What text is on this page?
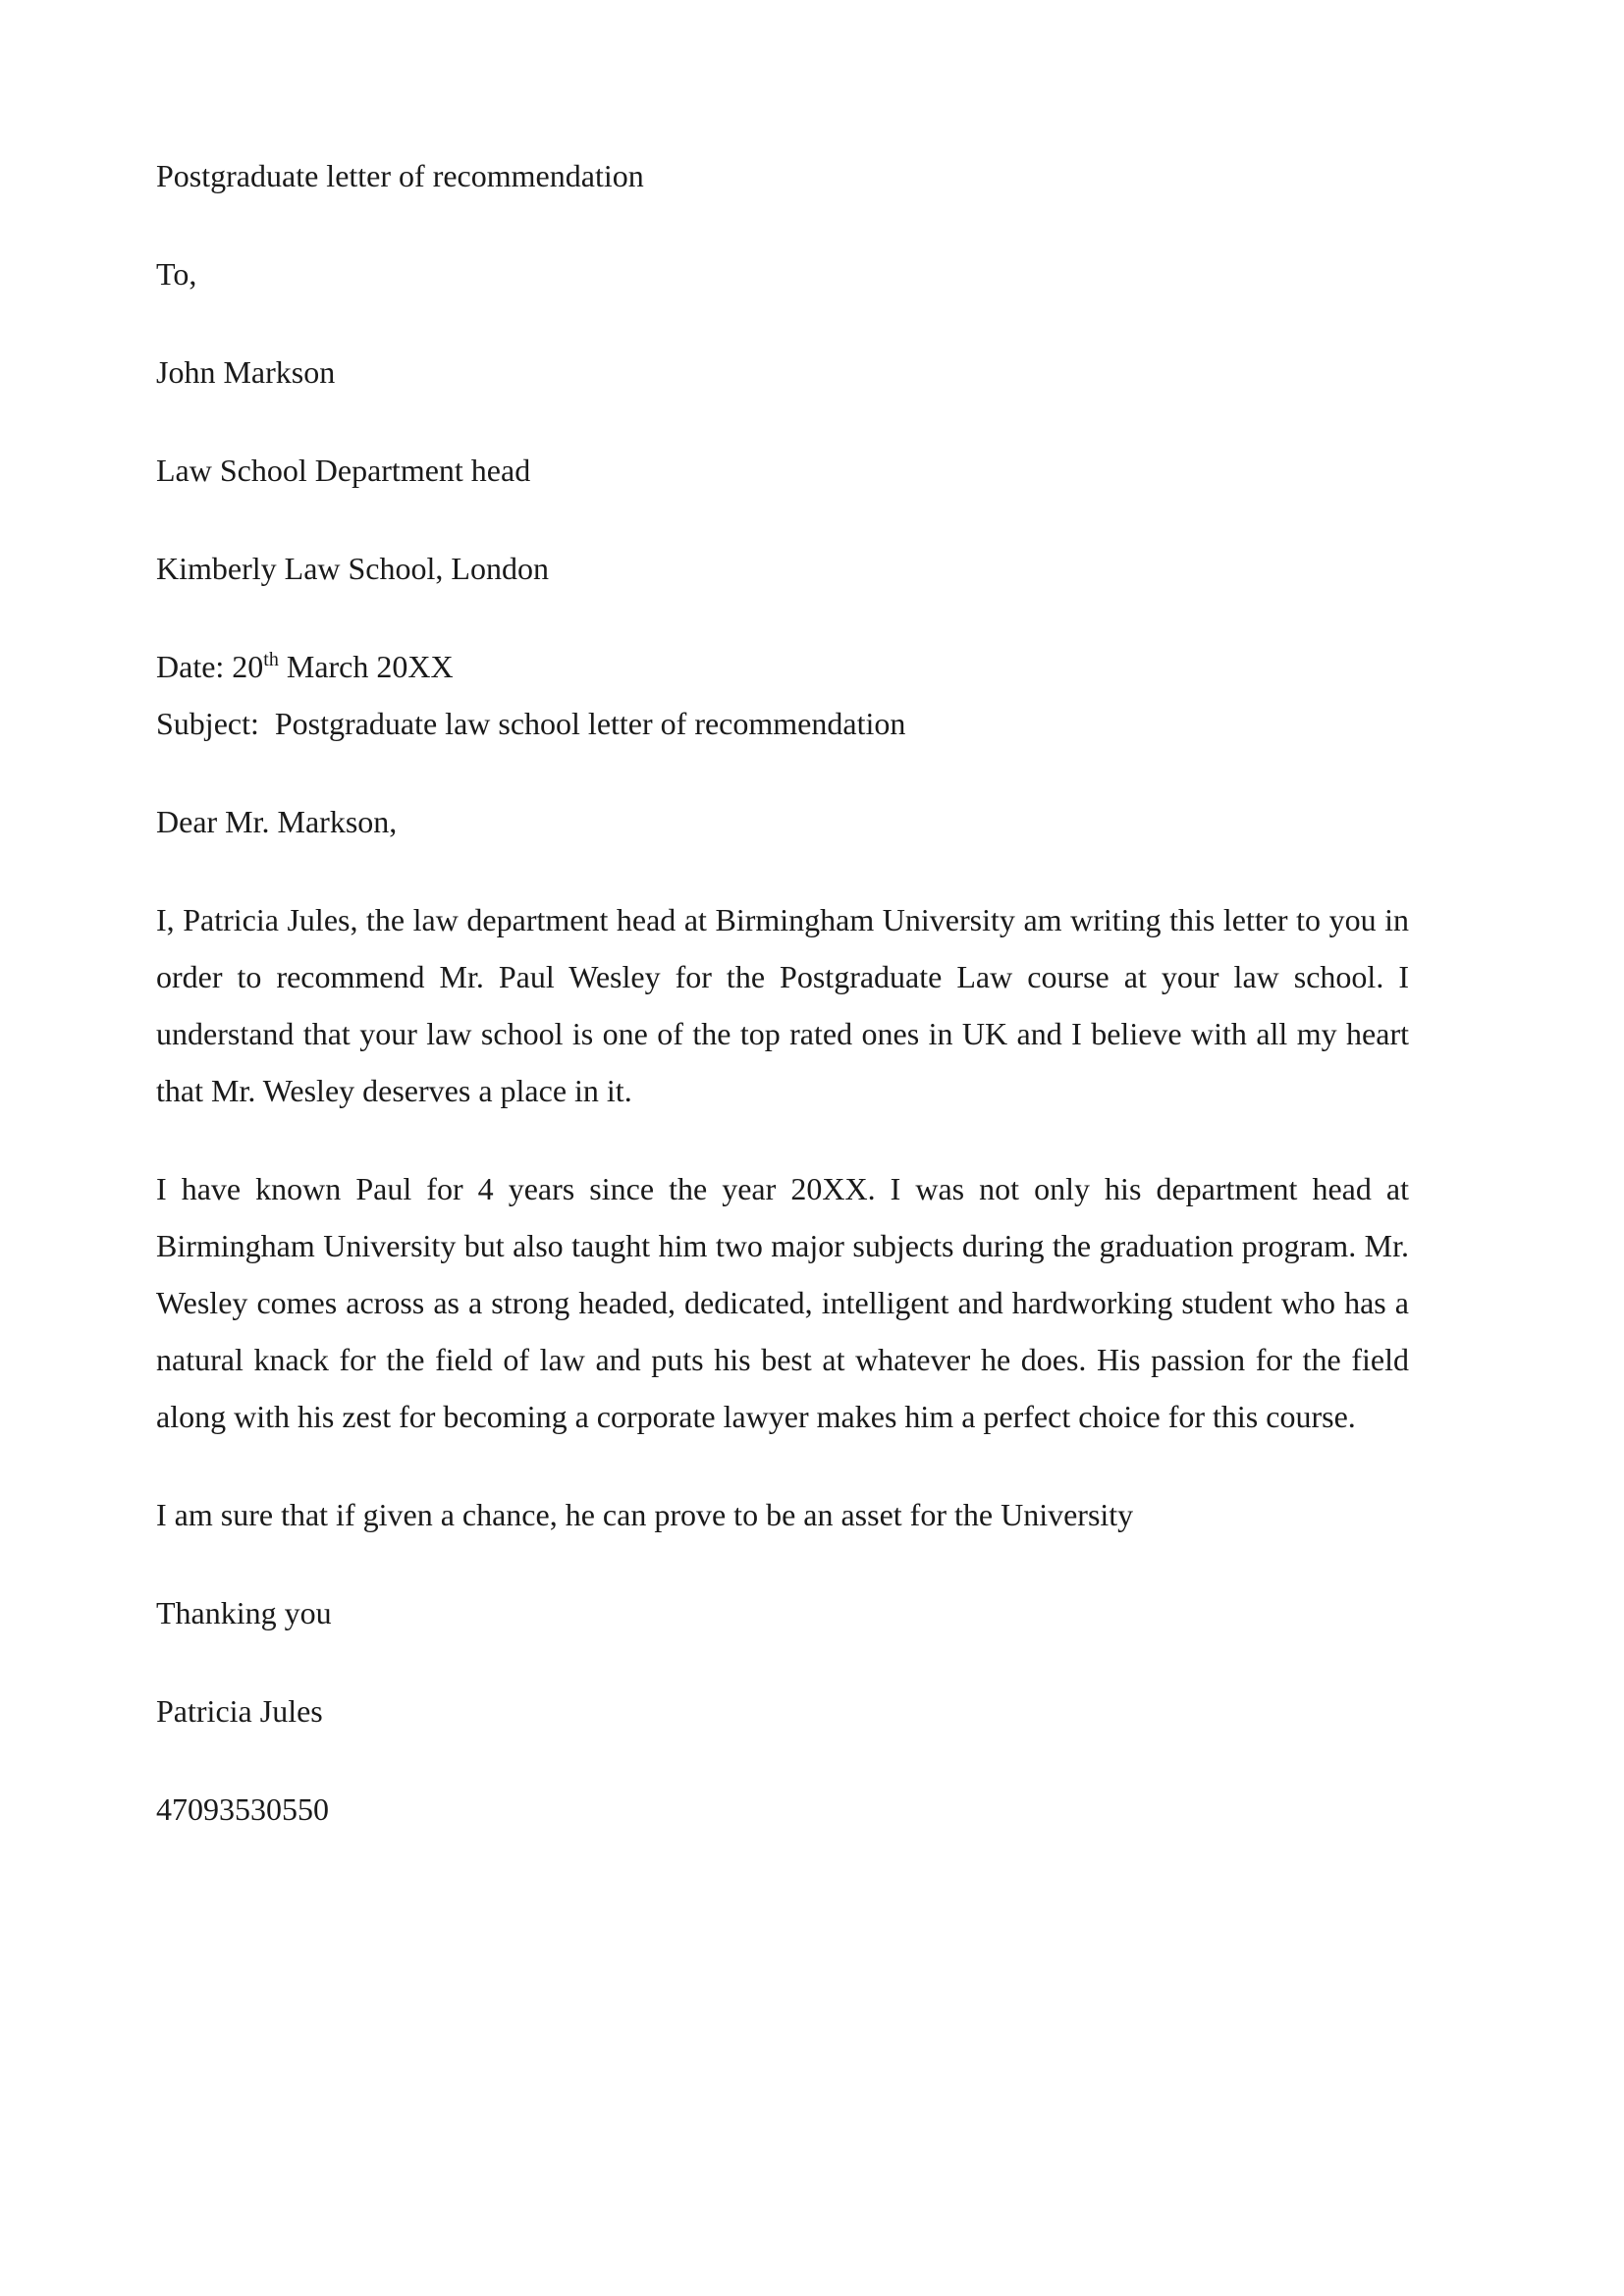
Postgraduate letter of recommendation

To,

John Markson

Law School Department head

Kimberly Law School, London

Date: 20th March 20XX

Subject:  Postgraduate law school letter of recommendation

Dear Mr. Markson,

I, Patricia Jules, the law department head at Birmingham University am writing this letter to you in order to recommend Mr. Paul Wesley for the Postgraduate Law course at your law school. I understand that your law school is one of the top rated ones in UK and I believe with all my heart that Mr. Wesley deserves a place in it.

I have known Paul for 4 years since the year 20XX. I was not only his department head at Birmingham University but also taught him two major subjects during the graduation program. Mr. Wesley comes across as a strong headed, dedicated, intelligent and hardworking student who has a natural knack for the field of law and puts his best at whatever he does. His passion for the field along with his zest for becoming a corporate lawyer makes him a perfect choice for this course.

I am sure that if given a chance, he can prove to be an asset for the University

Thanking you

Patricia Jules

47093530550
